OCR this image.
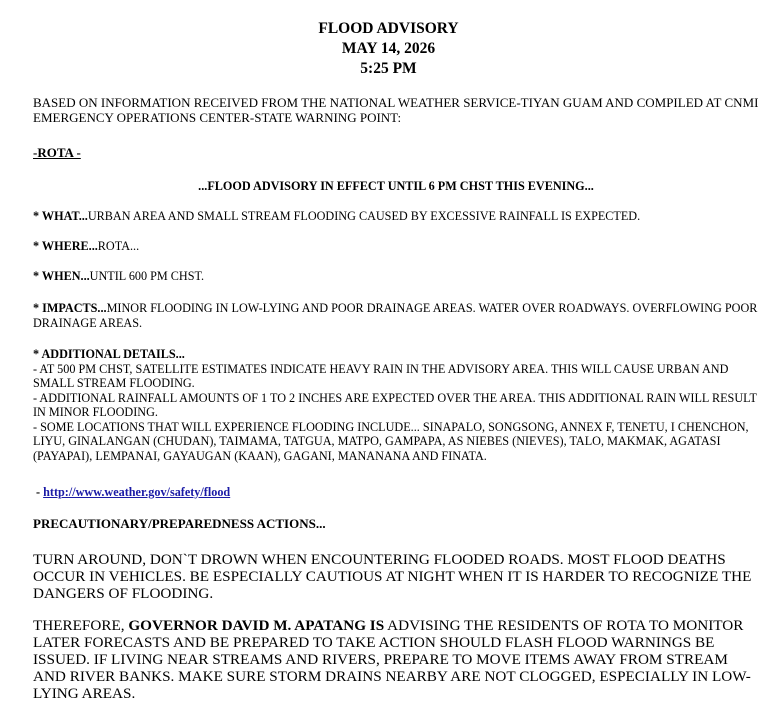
FLOOD ADVISORY
MAY 14, 2026
5:25 PM

BASED ON INFORMATION RECEIVED FROM THE NATIONAL WEATHER SERVICE-TIYAN GUAM AND COMPILED AT CNMI EMERGENCY OPERATIONS CENTER-STATE WARNING POINT:

-ROTA -

...FLOOD ADVISORY IN EFFECT UNTIL 6 PM CHST THIS EVENING...

* WHAT...URBAN AREA AND SMALL STREAM FLOODING CAUSED BY EXCESSIVE RAINFALL IS EXPECTED.

* WHERE...ROTA...

* WHEN...UNTIL 600 PM CHST.

* IMPACTS...MINOR FLOODING IN LOW-LYING AND POOR DRAINAGE AREAS. WATER OVER ROADWAYS. OVERFLOWING POOR DRAINAGE AREAS.

* ADDITIONAL DETAILS...
- AT 500 PM CHST, SATELLITE ESTIMATES INDICATE HEAVY RAIN IN THE ADVISORY AREA. THIS WILL CAUSE URBAN AND SMALL STREAM FLOODING.
- ADDITIONAL RAINFALL AMOUNTS OF 1 TO 2 INCHES ARE EXPECTED OVER THE AREA. THIS ADDITIONAL RAIN WILL RESULT IN MINOR FLOODING.
- SOME LOCATIONS THAT WILL EXPERIENCE FLOODING INCLUDE... SINAPALO, SONGSONG, ANNEX F, TENETU, I CHENCHON, LIYU, GINALANGAN (CHUDAN), TAIMAMA, TATGUA, MATPO, GAMPAPA, AS NIEBES (NIEVES), TALO, MAKMAK, AGATASI (PAYAPAI), LEMPANAI, GAYAUGAN (KAAN), GAGANI, MANANANA AND FINATA.

- http://www.weather.gov/safety/flood

PRECAUTIONARY/PREPAREDNESS ACTIONS...

TURN AROUND, DON`T DROWN WHEN ENCOUNTERING FLOODED ROADS. MOST FLOOD DEATHS OCCUR IN VEHICLES. BE ESPECIALLY CAUTIOUS AT NIGHT WHEN IT IS HARDER TO RECOGNIZE THE DANGERS OF FLOODING.

THEREFORE, GOVERNOR DAVID M. APATANG IS ADVISING THE RESIDENTS OF ROTA TO MONITOR LATER FORECASTS AND BE PREPARED TO TAKE ACTION SHOULD FLASH FLOOD WARNINGS BE ISSUED. IF LIVING NEAR STREAMS AND RIVERS, PREPARE TO MOVE ITEMS AWAY FROM STREAM AND RIVER BANKS. MAKE SURE STORM DRAINS NEARBY ARE NOT CLOGGED, ESPECIALLY IN LOW-LYING AREAS.
